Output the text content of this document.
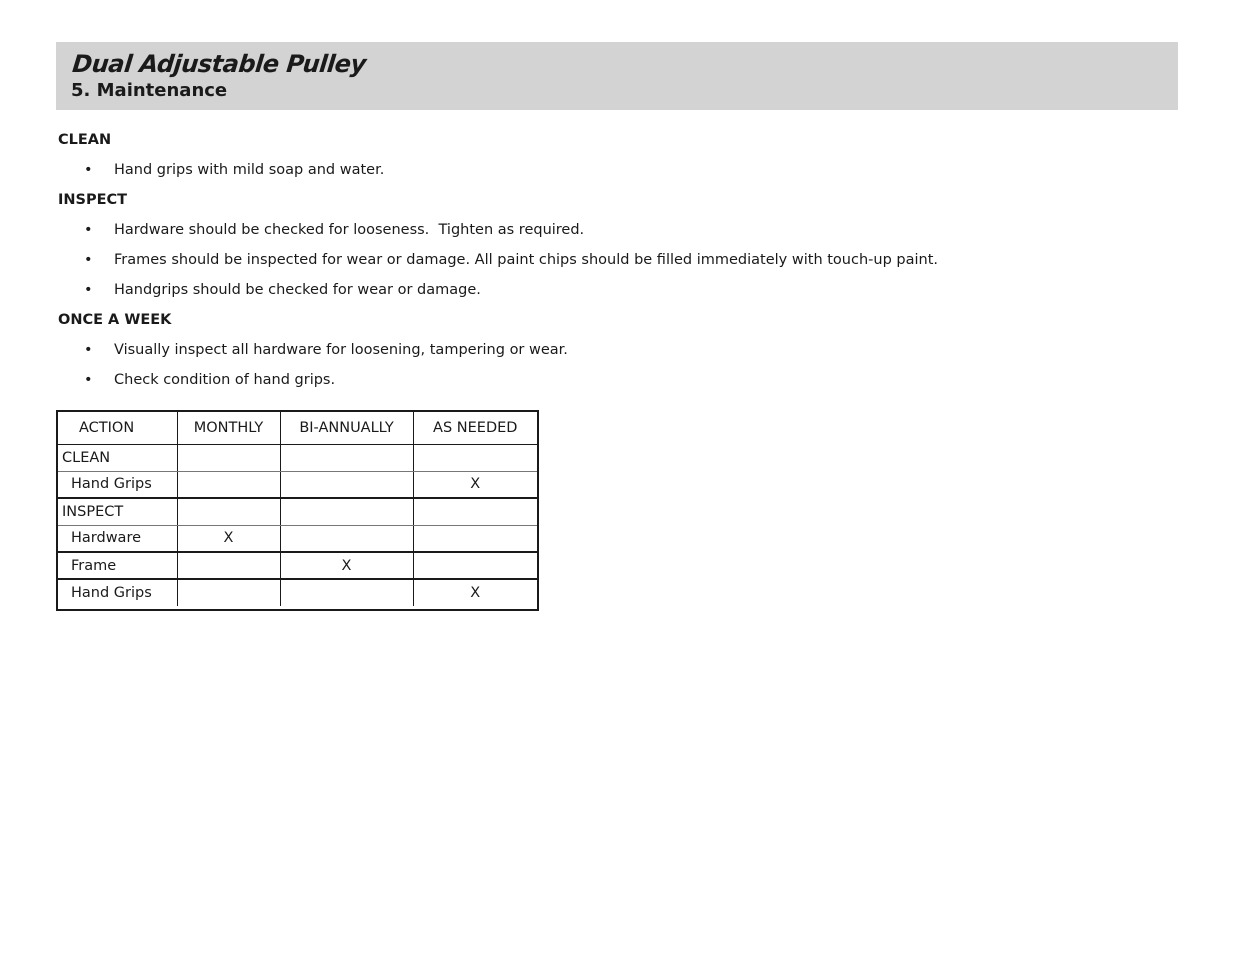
Dual Adjustable Pulley
5. Maintenance
CLEAN
• Hand grips with mild soap and water.
INSPECT
• Hardware should be checked for looseness.  Tighten as required.
• Frames should be inspected for wear or damage. All paint chips should be filled immediately with touch-up paint.
• Handgrips should be checked for wear or damage.
ONCE A WEEK
• Visually inspect all hardware for loosening, tampering or wear.
• Check condition of hand grips.
ACTION	MONTHLY	BI-ANNUALLY	AS NEEDED
CLEAN			
Hand Grips			X
INSPECT			
Hardware	X		
Frame		X	
Hand Grips			X
